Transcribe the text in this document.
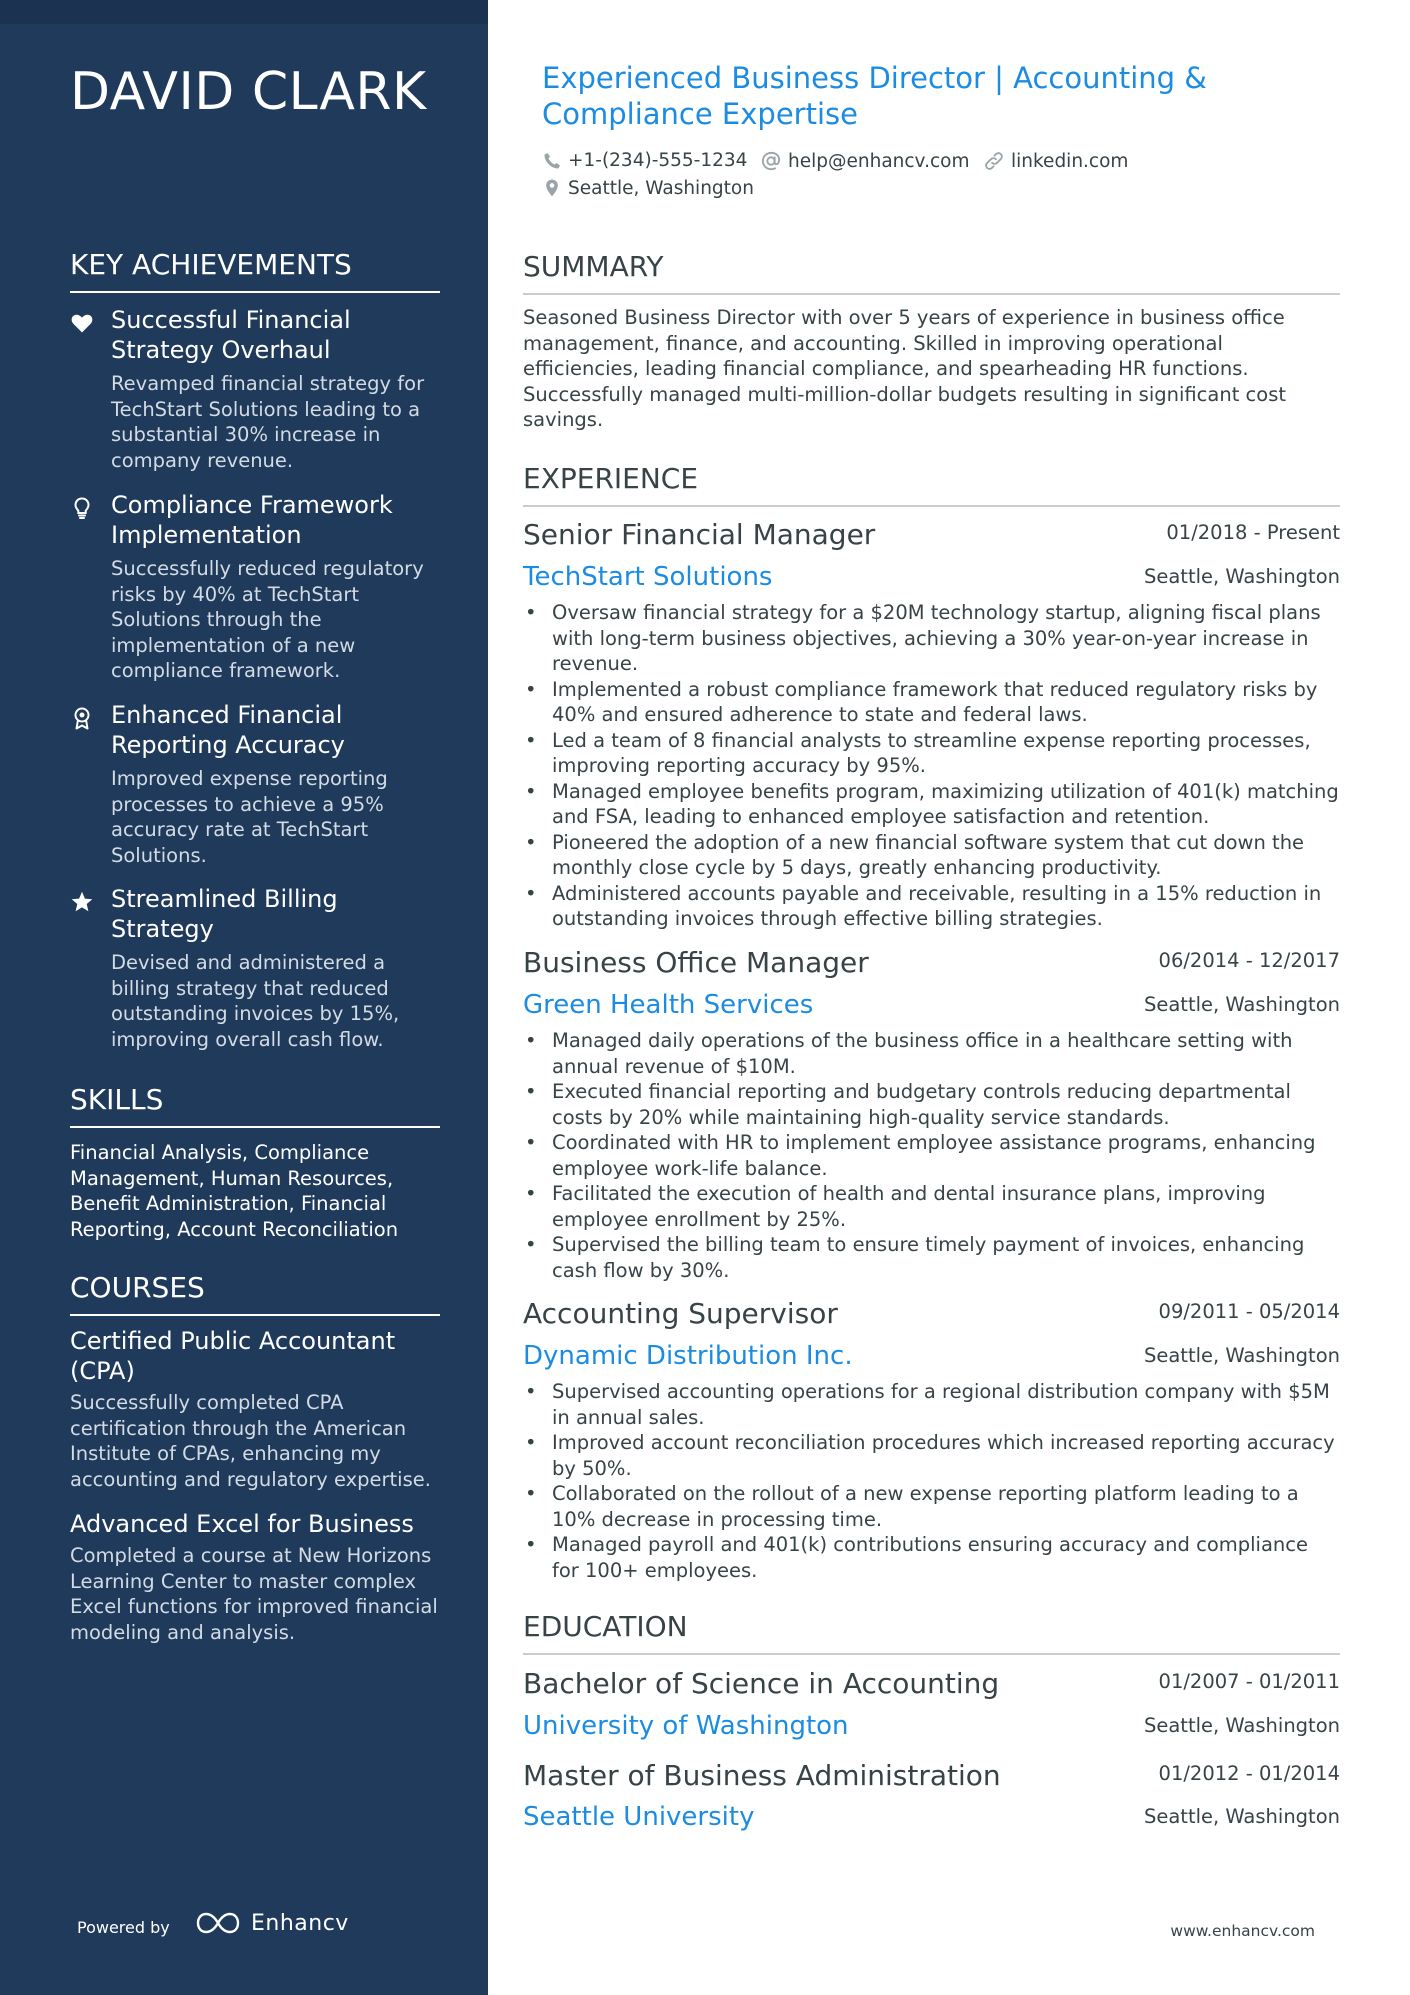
DAVID CLARK
KEY ACHIEVEMENTS
Successful Financial Strategy Overhaul
Revamped financial strategy for TechStart Solutions leading to a substantial 30% increase in company revenue.
Compliance Framework Implementation
Successfully reduced regulatory risks by 40% at TechStart Solutions through the implementation of a new compliance framework.
Enhanced Financial Reporting Accuracy
Improved expense reporting processes to achieve a 95% accuracy rate at TechStart Solutions.
Streamlined Billing Strategy
Devised and administered a billing strategy that reduced outstanding invoices by 15%, improving overall cash flow.
SKILLS
Financial Analysis, Compliance Management, Human Resources, Benefit Administration, Financial Reporting, Account Reconciliation
COURSES
Certified Public Accountant (CPA)
Successfully completed CPA certification through the American Institute of CPAs, enhancing my accounting and regulatory expertise.
Advanced Excel for Business
Completed a course at New Horizons Learning Center to master complex Excel functions for improved financial modeling and analysis.
Powered by	Enhancv
Experienced Business Director | Accounting & Compliance Expertise
+1-(234)-555-1234 help@enhancv.com linkedin.com
Seattle, Washington
SUMMARY
Seasoned Business Director with over 5 years of experience in business office management, finance, and accounting. Skilled in improving operational efficiencies, leading financial compliance, and spearheading HR functions. Successfully managed multi-million-dollar budgets resulting in significant cost savings.
EXPERIENCE
Senior Financial Manager	01/2018 - Present
TechStart Solutions	Seattle, Washington
• Oversaw financial strategy for a $20M technology startup, aligning fiscal plans with long-term business objectives, achieving a 30% year-on-year increase in revenue.
• Implemented a robust compliance framework that reduced regulatory risks by 40% and ensured adherence to state and federal laws.
• Led a team of 8 financial analysts to streamline expense reporting processes, improving reporting accuracy by 95%.
• Managed employee benefits program, maximizing utilization of 401(k) matching and FSA, leading to enhanced employee satisfaction and retention.
• Pioneered the adoption of a new financial software system that cut down the monthly close cycle by 5 days, greatly enhancing productivity.
• Administered accounts payable and receivable, resulting in a 15% reduction in outstanding invoices through effective billing strategies.
Business Office Manager	06/2014 - 12/2017
Green Health Services	Seattle, Washington
• Managed daily operations of the business office in a healthcare setting with annual revenue of $10M.
• Executed financial reporting and budgetary controls reducing departmental costs by 20% while maintaining high-quality service standards.
• Coordinated with HR to implement employee assistance programs, enhancing employee work-life balance.
• Facilitated the execution of health and dental insurance plans, improving employee enrollment by 25%.
• Supervised the billing team to ensure timely payment of invoices, enhancing cash flow by 30%.
Accounting Supervisor	09/2011 - 05/2014
Dynamic Distribution Inc.	Seattle, Washington
• Supervised accounting operations for a regional distribution company with $5M in annual sales.
• Improved account reconciliation procedures which increased reporting accuracy by 50%.
• Collaborated on the rollout of a new expense reporting platform leading to a 10% decrease in processing time.
• Managed payroll and 401(k) contributions ensuring accuracy and compliance for 100+ employees.
EDUCATION
Bachelor of Science in Accounting	01/2007 - 01/2011
University of Washington	Seattle, Washington
Master of Business Administration	01/2012 - 01/2014
Seattle University	Seattle, Washington
www.enhancv.com
